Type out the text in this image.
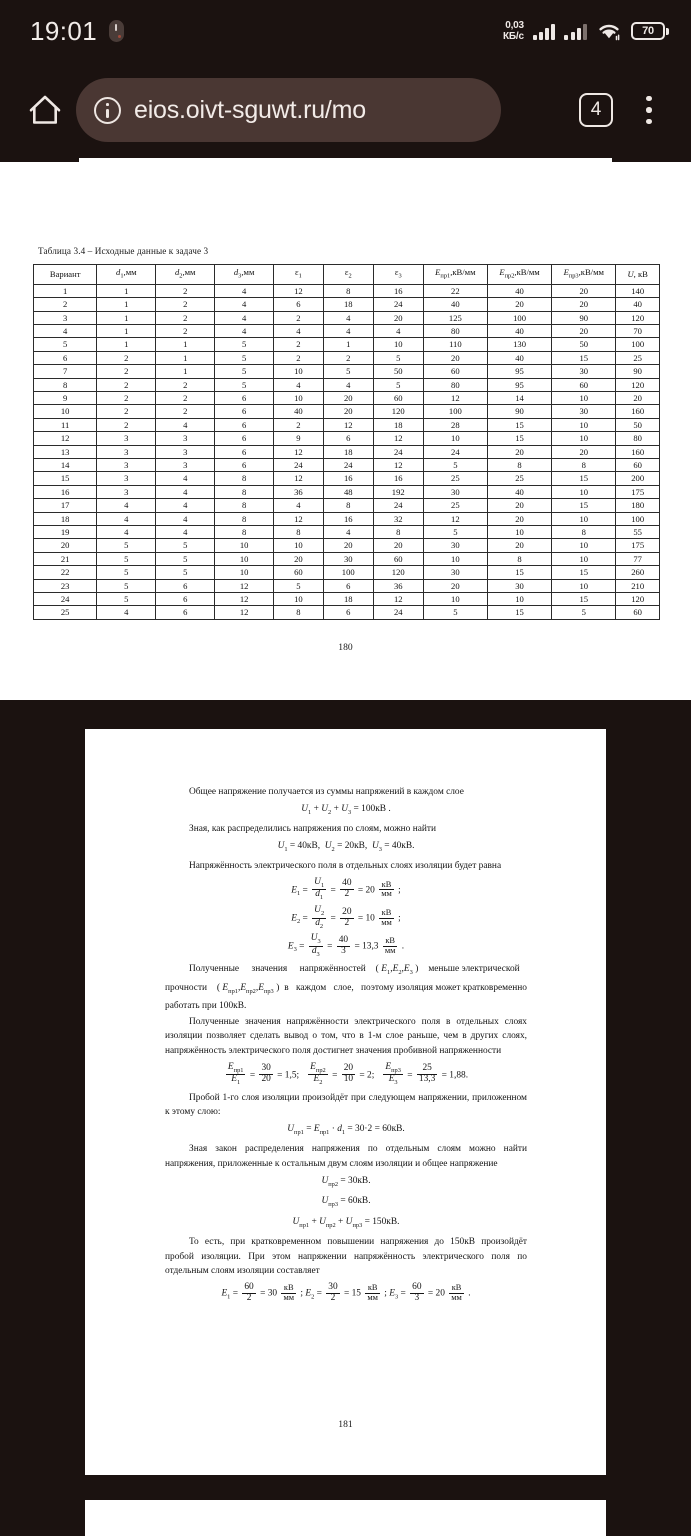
19:01	0,03
КБ/с	70
eios.oivt-sguwt.ru/mo	4
Таблица 3.4 – Исходные данные к задаче 3
Вариант	$d_1,мм$	$d_2,мм$	$d_3,мм$	$\varepsilon_1$	$\varepsilon_2$	$\varepsilon_3$	$E_{пр1},кВ/мм$	$E_{пр2},кВ/мм$	$E_{пр3},кВ/мм$	U, кВ
1	1	2	4	12	8	16	22	40	20	140
2	1	2	4	6	18	24	40	20	20	40
3	1	2	4	2	4	20	125	100	90	120
4	1	2	4	4	4	4	80	40	20	70
5	1	1	5	2	1	10	110	130	50	100
6	2	1	5	2	2	5	20	40	15	25
7	2	1	5	10	5	50	60	95	30	90
8	2	2	5	4	4	5	80	95	60	120
9	2	2	6	10	20	60	12	14	10	20
10	2	2	6	40	20	120	100	90	30	160
11	2	4	6	2	12	18	28	15	10	50
12	3	3	6	9	6	12	10	15	10	80
13	3	3	6	12	18	24	24	20	20	160
14	3	3	6	24	24	12	5	8	8	60
15	3	4	8	12	16	16	25	25	15	200
16	3	4	8	36	48	192	30	40	10	175
17	4	4	8	4	8	24	25	20	15	180
18	4	4	8	12	16	32	12	20	10	100
19	4	4	8	8	4	8	5	10	8	55
20	5	5	10	10	20	20	30	20	10	175
21	5	5	10	20	30	60	10	8	10	77
22	5	5	10	60	100	120	30	15	15	260
23	5	6	12	5	6	36	20	30	10	210
24	5	6	12	10	18	12	10	10	15	120
25	4	6	12	8	6	24	5	15	5	60
180

Общее напряжение получается из суммы напряжений в каждом слое

$U_1 + U_2 + U_3 = 100кВ$ .

Зная, как распределились напряжения по слоям, можно найти

$U_1 = 40кВ$,  $U_2 = 20кВ$,  $U_3 = 40кВ$.

Напряжённость электрического поля в отдельных слоях изоляции будет равна

$E_1 = \frac{U_1}{d_1} = \frac{40}{2} = 20 \frac{кВ}{мм}$ ;
$E_2 = \frac{U_2}{d_2} = \frac{20}{2} = 10 \frac{кВ}{мм}$ ;
$E_3 = \frac{U_3}{d_3} = \frac{40}{3} = 13,3 \frac{кВ}{мм}$ .

Полученные     значения     напряжённостей    ( $E_1,E_2,E_3$ )    меньше электрической    прочности    ( $E_{пр1},E_{пр2},E_{пр3}$ )  в   каждом   слое,   поэтому изоляция может кратковременно работать при 100кВ.

Полученные значения напряжённости электрического поля в отдельных слоях изоляции позволяет сделать вывод о том, что в 1-м слое раньше, чем в других слоях, напряжённость электрического поля достигнет значения пробивной напряженности

$\frac{E_{пр1}}{E_1} = \frac{30}{20} = 1,5$; $\frac{E_{пр2}}{E_2} = \frac{20}{10} = 2$; $\frac{E_{пр3}}{E_3} = \frac{25}{13,3} = 1,88$.

Пробой 1-го слоя изоляции произойдёт при следующем напряжении, приложенном к этому слою:

$U_{пр1} = E_{пр1} \cdot d_1 = 30\cdot 2 = 60кВ$.

Зная закон распределения напряжения по отдельным слоям можно найти напряжения, приложенные к остальным двум слоям изоляции и общее напряжение

$U_{пр2} = 30кВ$.
$U_{пр3} = 60кВ$.
$U_{пр1} + U_{пр2} + U_{пр3} = 150кВ$.

То есть, при кратковременном повышении напряжения до 150кВ произойдёт пробой изоляции. При этом напряжении напряжённость электрического поля по отдельным слоям изоляции составляет

$E_1 = \frac{60}{2} = 30 \frac{кВ}{мм}$ ; $E_2 = \frac{30}{2} = 15 \frac{кВ}{мм}$ ; $E_3 = \frac{60}{3} = 20 \frac{кВ}{мм}$ .
181
